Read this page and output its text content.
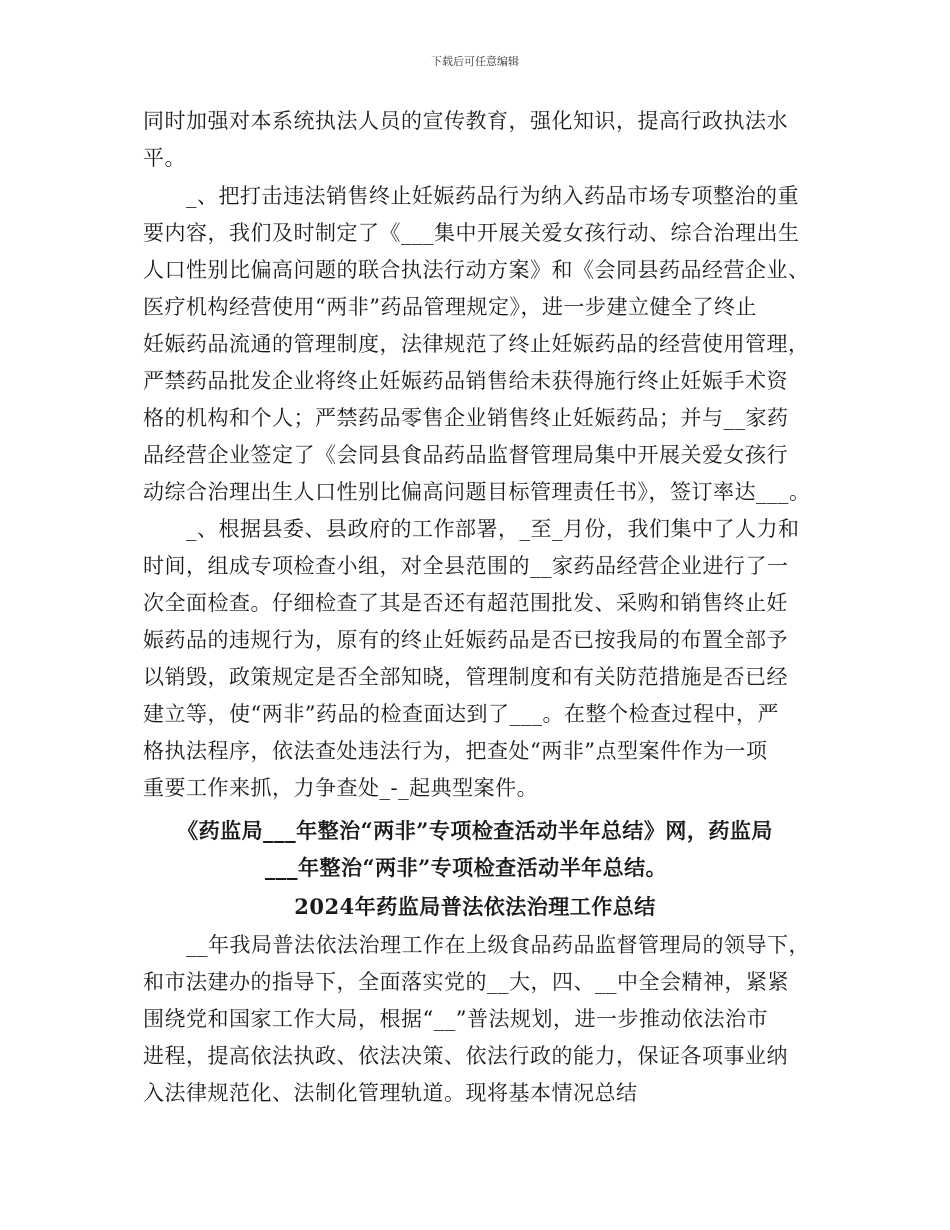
下载后可任意编辑
同时加强对本系统执法人员的宣传教育，强化知识，提高行政执法水
平。
_、把打击违法销售终止妊娠药品行为纳入药品市场专项整治的重
要内容，我们及时制定了《___集中开展关爱女孩行动、综合治理出生
人口性别比偏高问题的联合执法行动方案》和《会同县药品经营企业、
医疗机构经营使用“两非”药品管理规定》，进一步建立健全了终止
妊娠药品流通的管理制度，法律规范了终止妊娠药品的经营使用管理，
严禁药品批发企业将终止妊娠药品销售给未获得施行终止妊娠手术资
格的机构和个人；严禁药品零售企业销售终止妊娠药品；并与__家药
品经营企业签定了《会同县食品药品监督管理局集中开展关爱女孩行
动综合治理出生人口性别比偏高问题目标管理责任书》，签订率达___。
_、根据县委、县政府的工作部署，_至_月份，我们集中了人力和
时间，组成专项检查小组，对全县范围的__家药品经营企业进行了一
次全面检查。仔细检查了其是否还有超范围批发、采购和销售终止妊
娠药品的违规行为，原有的终止妊娠药品是否已按我局的布置全部予
以销毁，政策规定是否全部知晓，管理制度和有关防范措施是否已经
建立等，使“两非”药品的检查面达到了___。在整个检查过程中，严
格执法程序，依法查处违法行为，把查处“两非”点型案件作为一项
重要工作来抓，力争查处_-_起典型案件。
《药监局___年整治“两非”专项检查活动半年总结》网，药监局
___年整治“两非”专项检查活动半年总结。
2024年药监局普法依法治理工作总结
__年我局普法依法治理工作在上级食品药品监督管理局的领导下，
和市法建办的指导下，全面落实党的__大，四、__中全会精神，紧紧
围绕党和国家工作大局，根据“__”普法规划，进一步推动依法治市
进程，提高依法执政、依法决策、依法行政的能力，保证各项事业纳
入法律规范化、法制化管理轨道。现将基本情况总结
